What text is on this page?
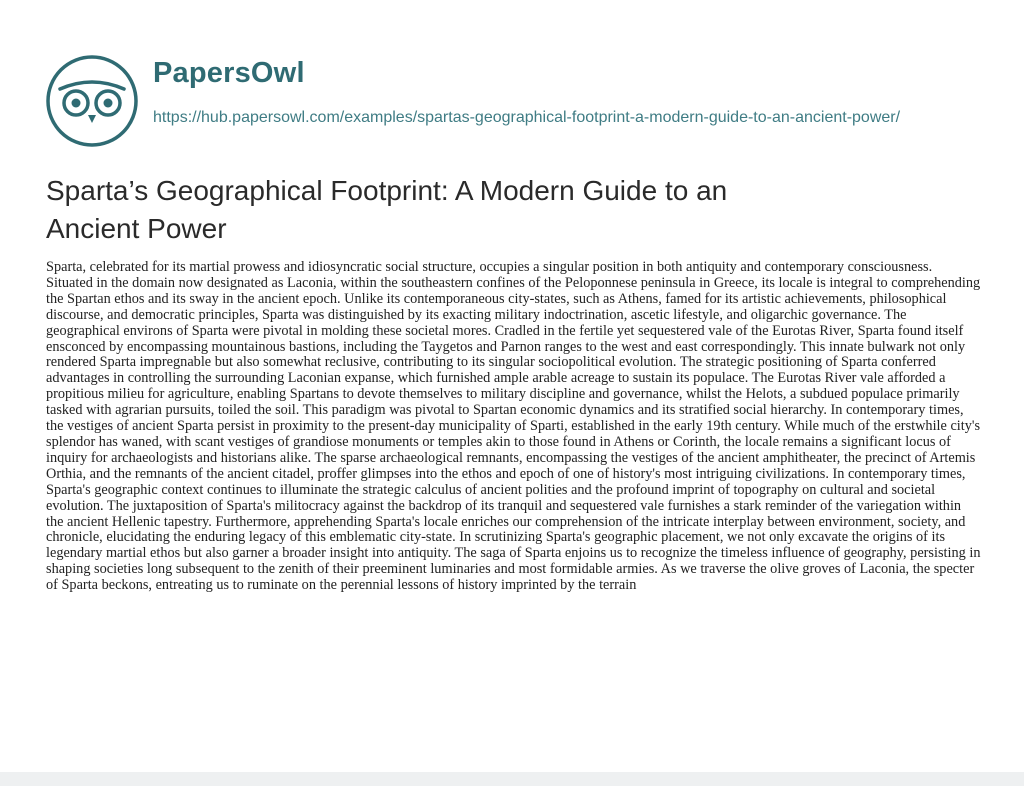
PapersOwl
https://hub.papersowl.com/examples/spartas-geographical-footprint-a-modern-guide-to-an-ancient-power/
Sparta’s Geographical Footprint: A Modern Guide to an Ancient Power

Sparta, celebrated for its martial prowess and idiosyncratic social structure, occupies a singular position in both antiquity and contemporary consciousness. Situated in the domain now designated as Laconia, within the southeastern confines of the Peloponnese peninsula in Greece, its locale is integral to comprehending the Spartan ethos and its sway in the ancient epoch. Unlike its contemporaneous city-states, such as Athens, famed for its artistic achievements, philosophical discourse, and democratic principles, Sparta was distinguished by its exacting military indoctrination, ascetic lifestyle, and oligarchic governance. The geographical environs of Sparta were pivotal in molding these societal mores. Cradled in the fertile yet sequestered vale of the Eurotas River, Sparta found itself ensconced by encompassing mountainous bastions, including the Taygetos and Parnon ranges to the west and east correspondingly. This innate bulwark not only rendered Sparta impregnable but also somewhat reclusive, contributing to its singular sociopolitical evolution. The strategic positioning of Sparta conferred advantages in controlling the surrounding Laconian expanse, which furnished ample arable acreage to sustain its populace. The Eurotas River vale afforded a propitious milieu for agriculture, enabling Spartans to devote themselves to military discipline and governance, whilst the Helots, a subdued populace primarily tasked with agrarian pursuits, toiled the soil. This paradigm was pivotal to Spartan economic dynamics and its stratified social hierarchy. In contemporary times, the vestiges of ancient Sparta persist in proximity to the present-day municipality of Sparti, established in the early 19th century. While much of the erstwhile city's splendor has waned, with scant vestiges of grandiose monuments or temples akin to those found in Athens or Corinth, the locale remains a significant locus of inquiry for archaeologists and historians alike. The sparse archaeological remnants, encompassing the vestiges of the ancient amphitheater, the precinct of Artemis Orthia, and the remnants of the ancient citadel, proffer glimpses into the ethos and epoch of one of history's most intriguing civilizations. In contemporary times, Sparta's geographic context continues to illuminate the strategic calculus of ancient polities and the profound imprint of topography on cultural and societal evolution. The juxtaposition of Sparta's militocracy against the backdrop of its tranquil and sequestered vale furnishes a stark reminder of the variegation within the ancient Hellenic tapestry. Furthermore, apprehending Sparta's locale enriches our comprehension of the intricate interplay between environment, society, and chronicle, elucidating the enduring legacy of this emblematic city-state. In scrutinizing Sparta's geographic placement, we not only excavate the origins of its legendary martial ethos but also garner a broader insight into antiquity. The saga of Sparta enjoins us to recognize the timeless influence of geography, persisting in shaping societies long subsequent to the zenith of their preeminent luminaries and most formidable armies. As we traverse the olive groves of Laconia, the specter of Sparta beckons, entreating us to ruminate on the perennial lessons of history imprinted by the terrain
